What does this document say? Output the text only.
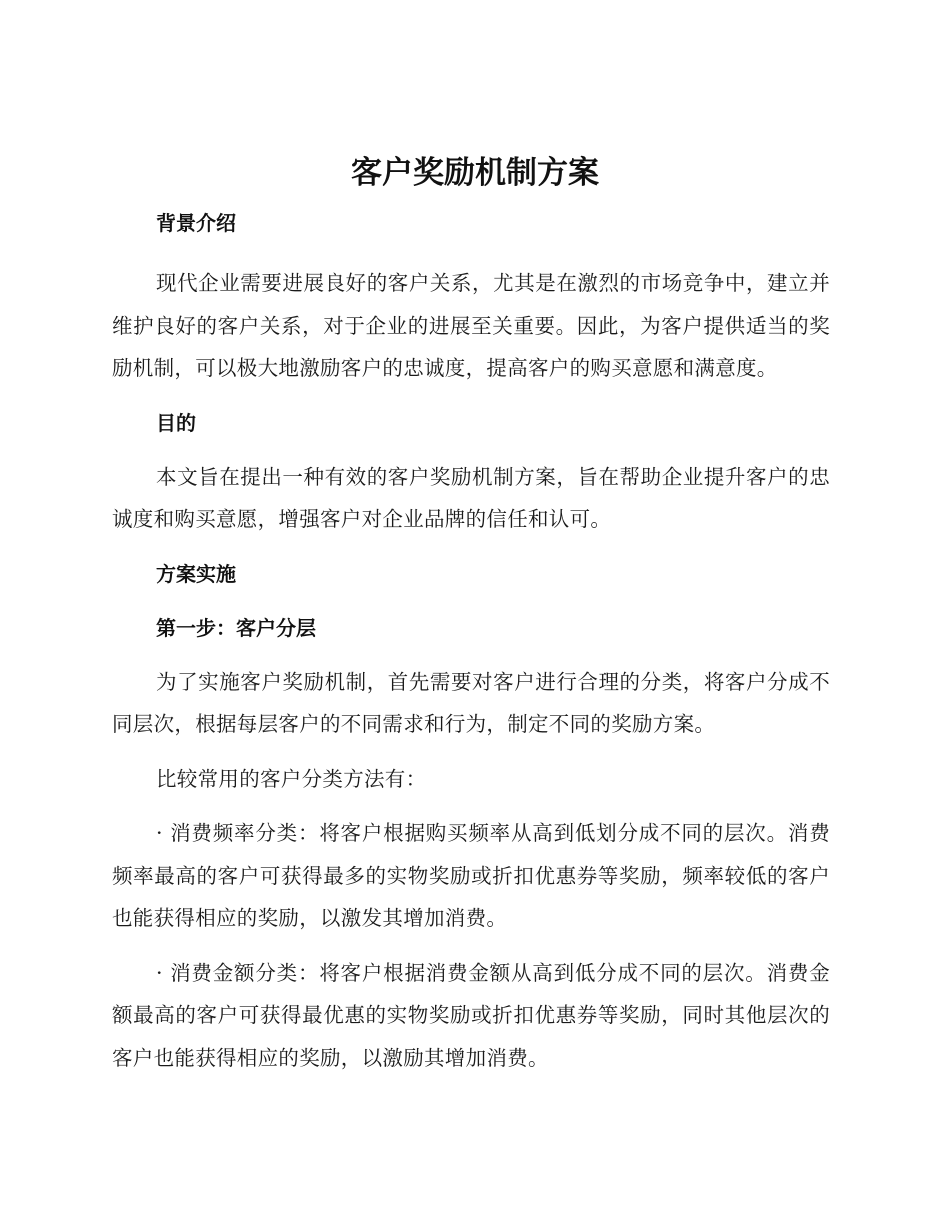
客户奖励机制方案
背景介绍

现代企业需要进展良好的客户关系，尤其是在激烈的市场竞争中，建立并维护良好的客户关系，对于企业的进展至关重要。因此，为客户提供适当的奖励机制，可以极大地激励客户的忠诚度，提高客户的购买意愿和满意度。

目的

本文旨在提出一种有效的客户奖励机制方案，旨在帮助企业提升客户的忠诚度和购买意愿，增强客户对企业品牌的信任和认可。

方案实施
第一步：客户分层

为了实施客户奖励机制，首先需要对客户进行合理的分类，将客户分成不同层次，根据每层客户的不同需求和行为，制定不同的奖励方案。

比较常用的客户分类方法有：

· 消费频率分类：将客户根据购买频率从高到低划分成不同的层次。消费频率最高的客户可获得最多的实物奖励或折扣优惠券等奖励，频率较低的客户也能获得相应的奖励，以激发其增加消费。

· 消费金额分类：将客户根据消费金额从高到低分成不同的层次。消费金额最高的客户可获得最优惠的实物奖励或折扣优惠券等奖励，同时其他层次的客户也能获得相应的奖励，以激励其增加消费。
